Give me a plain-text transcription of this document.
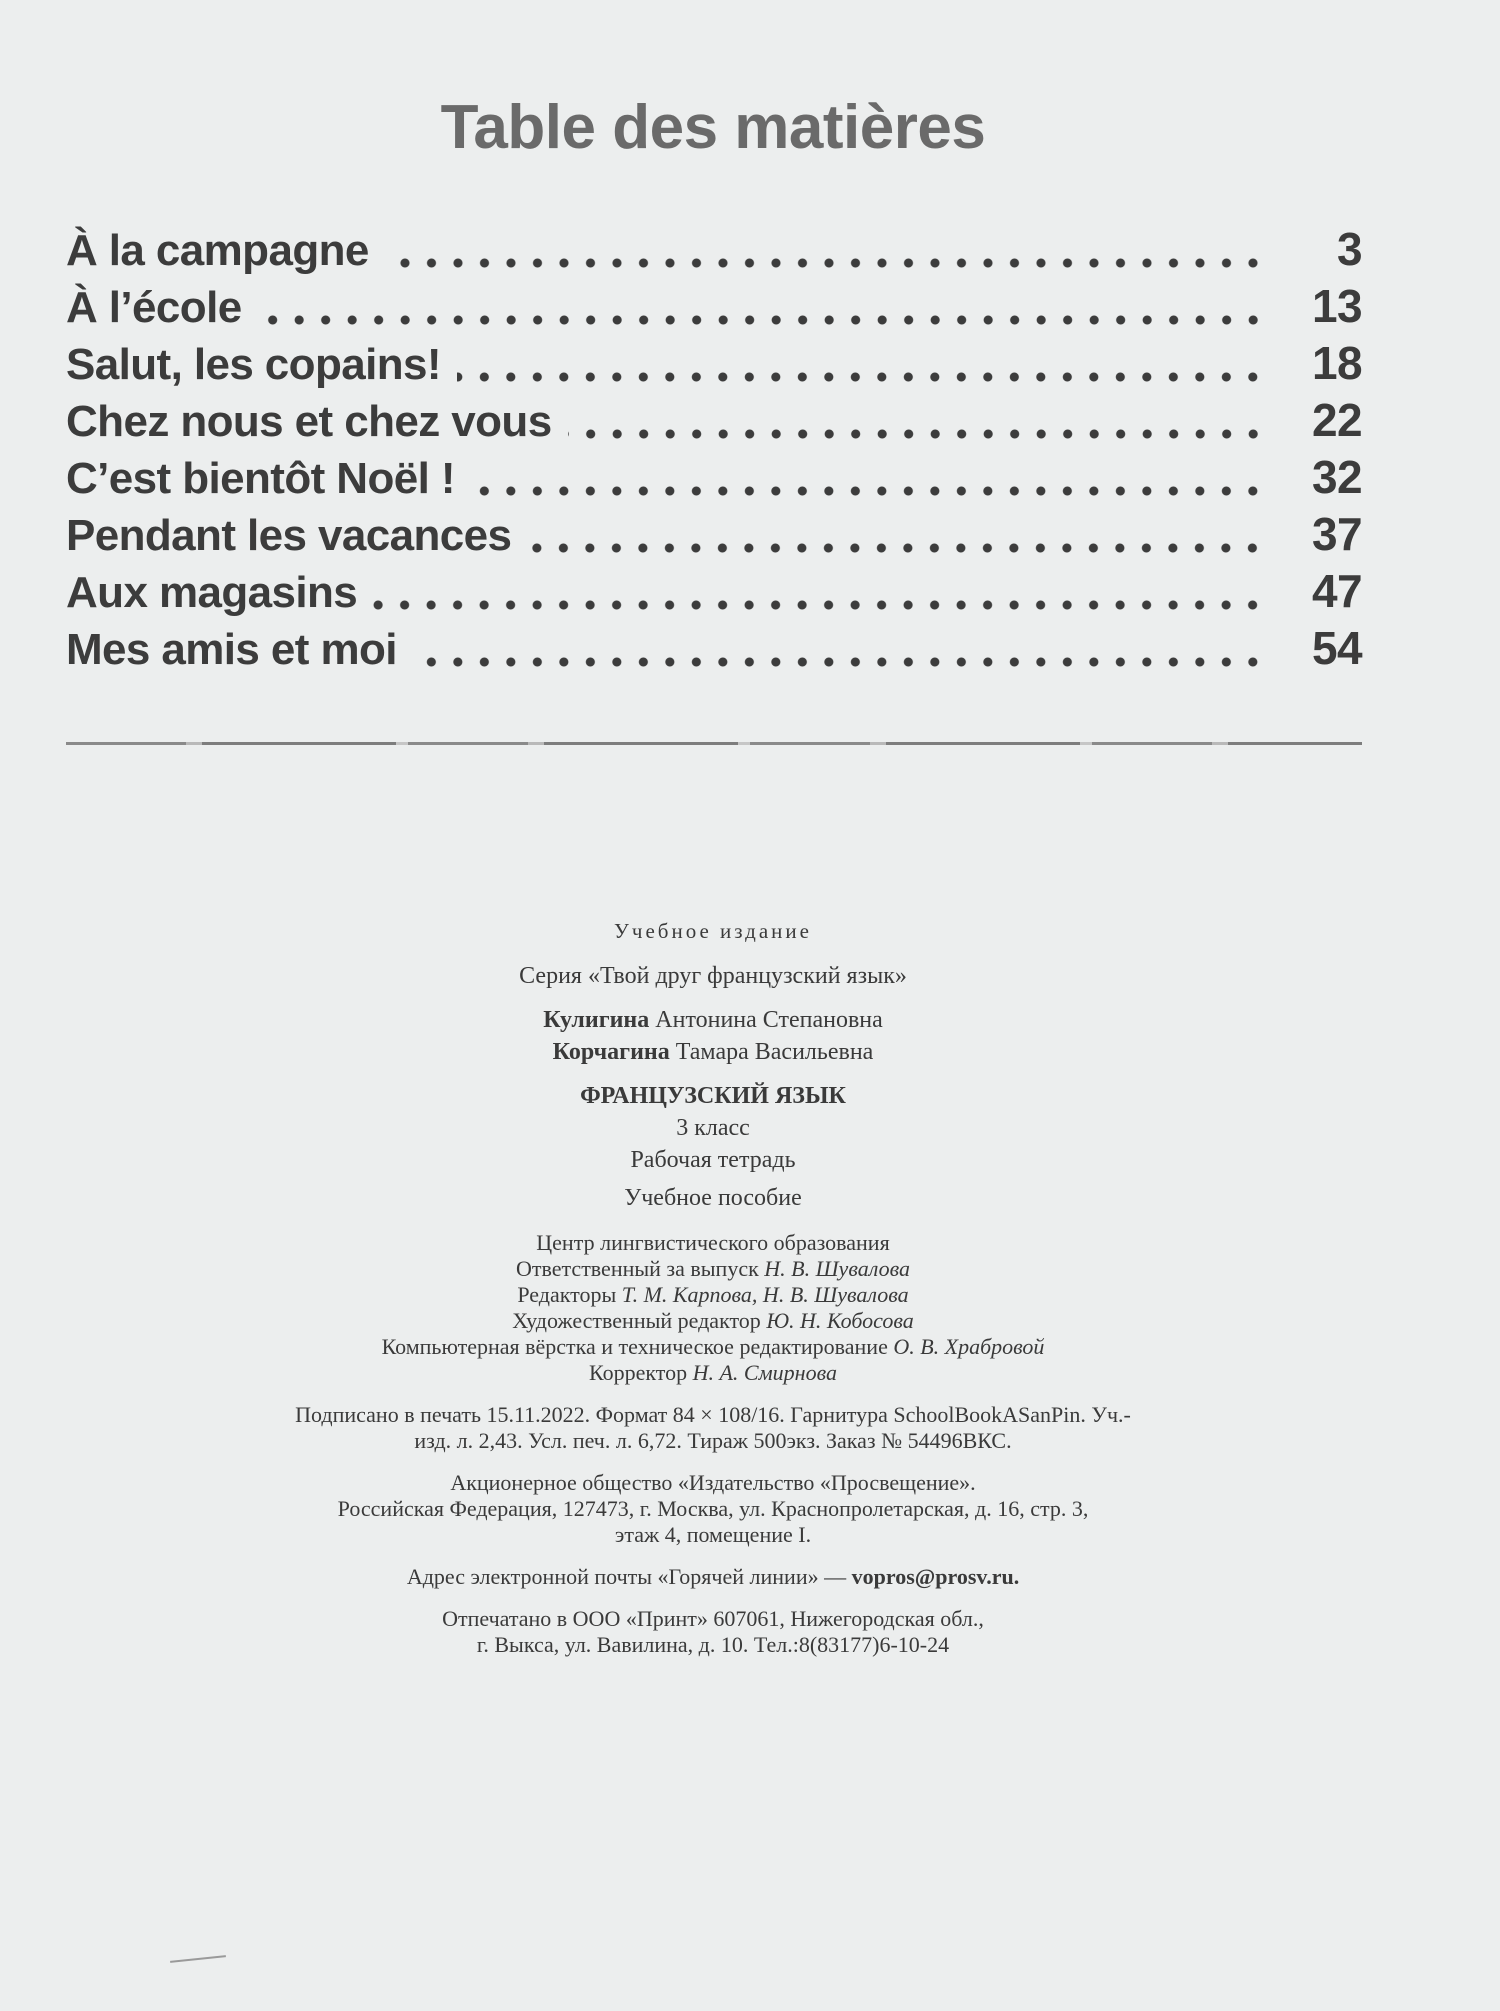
Table des matières
À la campagne	3
À l’école	13
Salut, les copains!	18
Chez nous et chez vous	22
C’est bientôt Noël !	32
Pendant les vacances	37
Aux magasins	47
Mes amis et moi	54

Учебное издание

Серия «Твой друг французский язык»

Кулигина Антонина Степановна

Корчагина Тамара Васильевна

ФРАНЦУЗСКИЙ ЯЗЫК

3 класс

Рабочая тетрадь

Учебное пособие

Центр лингвистического образования

Ответственный за выпуск Н. В. Шувалова

Редакторы Т. М. Карпова, Н. В. Шувалова

Художественный редактор Ю. Н. Кобосова

Компьютерная вёрстка и техническое редактирование О. В. Храбровой

Корректор Н. А. Смирнова

Подписано в печать 15.11.2022. Формат 84 × 108/16. Гарнитура SchoolBookASanPin. Уч.-

изд. л. 2,43. Усл. печ. л. 6,72. Тираж 500экз. Заказ № 54496ВКС.

Акционерное общество «Издательство «Просвещение».

Российская Федерация, 127473, г. Москва, ул. Краснопролетарская, д. 16, стр. 3,

этаж 4, помещение I.

Адрес электронной почты «Горячей линии» — vopros@prosv.ru.

Отпечатано в ООО «Принт» 607061, Нижегородская обл.,

г. Выкса, ул. Вавилина, д. 10. Тел.:8(83177)6-10-24
